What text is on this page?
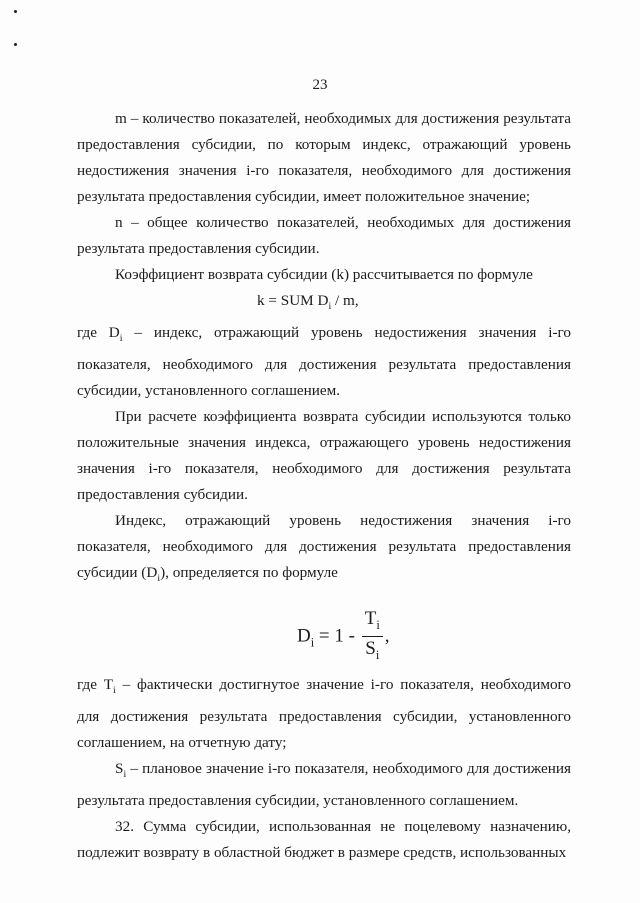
23

m – количество показателей, необходимых для достижения результата предоставления субсидии, по которым индекс, отражающий уровень недостижения значения i-го показателя, необходимого для достижения результата предоставления субсидии, имеет положительное значение;

n – общее количество показателей, необходимых для достижения результата предоставления субсидии.

Коэффициент возврата субсидии (k) рассчитывается по формуле

k = SUM $D_i$ / m,

где $D_i$ – индекс, отражающий уровень недостижения значения i-го показателя, необходимого для достижения результата предоставления субсидии, установленного соглашением.

При расчете коэффициента возврата субсидии используются только положительные значения индекса, отражающего уровень недостижения значения i-го показателя, необходимого для достижения результата предоставления субсидии.

Индекс, отражающий уровень недостижения значения i-го показателя, необходимого для достижения результата предоставления субсидии $(D_i)$, определяется по формуле

$D_i = 1 - \frac{T_i}{S_i}$ ,

где $T_i$ – фактически достигнутое значение i-го показателя, необходимого для достижения результата предоставления субсидии, установленного соглашением, на отчетную дату;

$S_i$ – плановое значение i-го показателя, необходимого для достижения результата предоставления субсидии, установленного соглашением.

32. Сумма субсидии, использованная не поцелевому назначению, подлежит возврату в областной бюджет в размере средств, использованных
